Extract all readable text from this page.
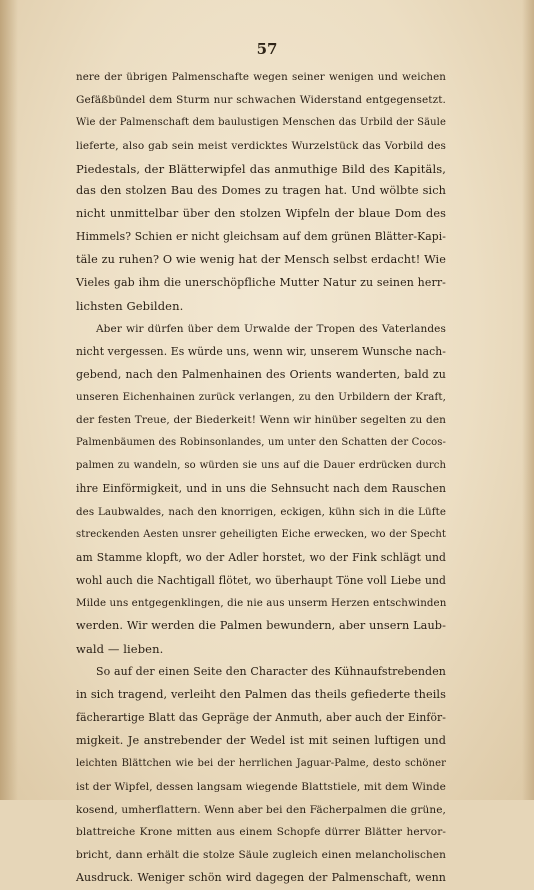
57
nere der übrigen Palmenschafte wegen seiner wenigen und weichen
Gefäßbündel dem Sturm nur schwachen Widerstand entgegensetzt.
Wie der Palmenschaft dem baulustigen Menschen das Urbild der Säule
lieferte, also gab sein meist verdicktes Wurzelstück das Vorbild des
Piedestals, der Blätterwipfel das anmuthige Bild des Kapitäls,
das den stolzen Bau des Domes zu tragen hat. Und wölbte sich
nicht unmittelbar über den stolzen Wipfeln der blaue Dom des
Himmels? Schien er nicht gleichsam auf dem grünen Blätter-Kapi-
täle zu ruhen? O wie wenig hat der Mensch selbst erdacht! Wie
Vieles gab ihm die unerschöpfliche Mutter Natur zu seinen herr-
lichsten Gebilden.
Aber wir dürfen über dem Urwalde der Tropen des Vaterlandes
nicht vergessen. Es würde uns, wenn wir, unserem Wunsche nach-
gebend, nach den Palmenhainen des Orients wanderten, bald zu
unseren Eichenhainen zurück verlangen, zu den Urbildern der Kraft,
der festen Treue, der Biederkeit! Wenn wir hinüber segelten zu den
Palmenbäumen des Robinsonlandes, um unter den Schatten der Cocos-
palmen zu wandeln, so würden sie uns auf die Dauer erdrücken durch
ihre Einförmigkeit, und in uns die Sehnsucht nach dem Rauschen
des Laubwaldes, nach den knorrigen, eckigen, kühn sich in die Lüfte
streckenden Aesten unsrer geheiligten Eiche erwecken, wo der Specht
am Stamme klopft, wo der Adler horstet, wo der Fink schlägt und
wohl auch die Nachtigall flötet, wo überhaupt Töne voll Liebe und
Milde uns entgegenklingen, die nie aus unserm Herzen entschwinden
werden. Wir werden die Palmen bewundern, aber unsern Laub-
wald — lieben.
So auf der einen Seite den Character des Kühnaufstrebenden
in sich tragend, verleiht den Palmen das theils gefiederte theils
fächerartige Blatt das Gepräge der Anmuth, aber auch der Einför-
migkeit. Je anstrebender der Wedel ist mit seinen luftigen und
leichten Blättchen wie bei der herrlichen Jaguar-Palme, desto schöner
ist der Wipfel, dessen langsam wiegende Blattstiele, mit dem Winde
kosend, umherflattern. Wenn aber bei den Fächerpalmen die grüne,
blattreiche Krone mitten aus einem Schopfe dürrer Blätter hervor-
bricht, dann erhält die stolze Säule zugleich einen melancholischen
Ausdruck. Weniger schön wird dagegen der Palmenschaft, wenn
